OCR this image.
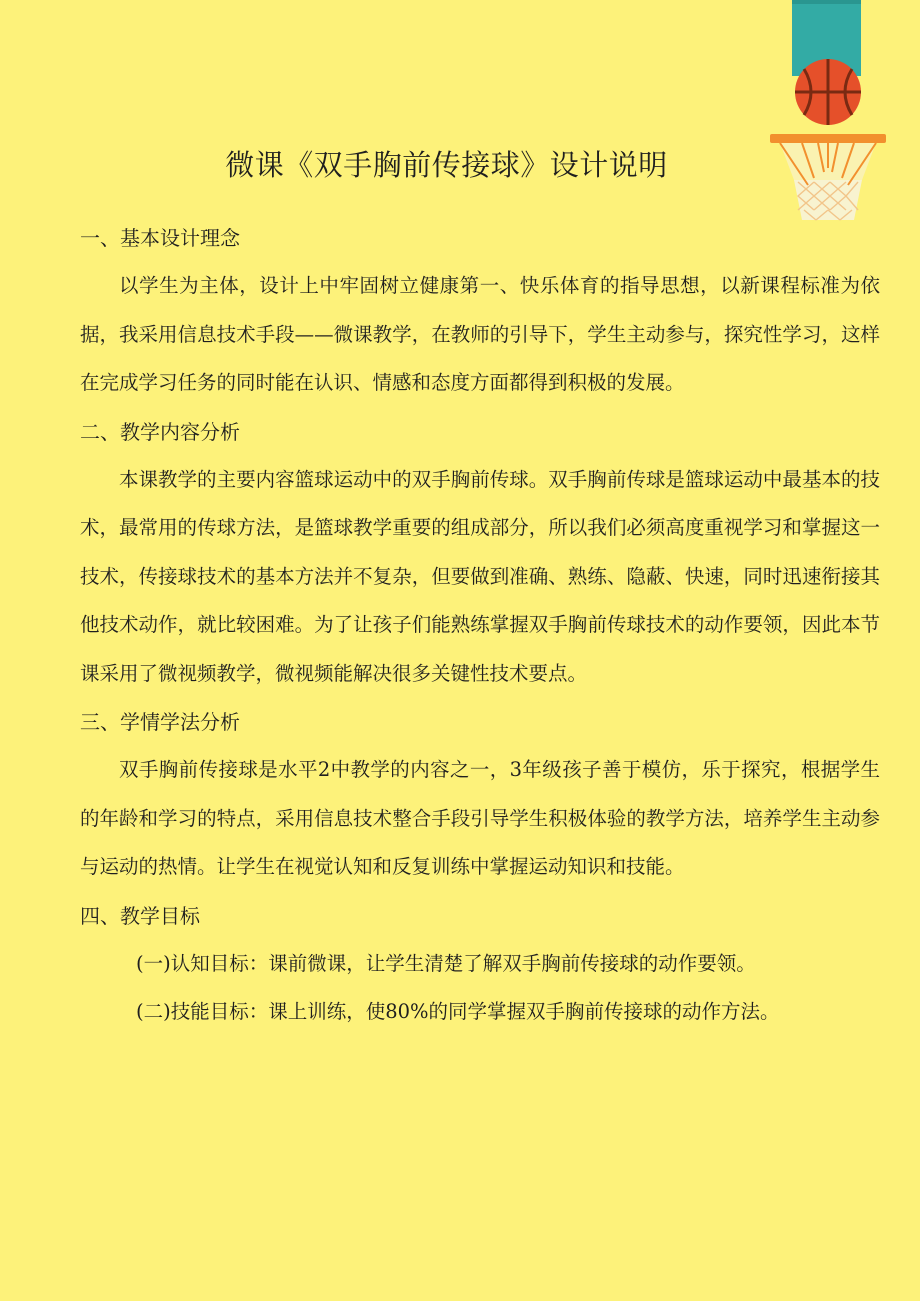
微课《双手胸前传接球》设计说明
一、基本设计理念

以学生为主体，设计上中牢固树立健康第一、快乐体育的指导思想，以新课程标准为依据，我采用信息技术手段——微课教学，在教师的引导下，学生主动参与，探究性学习，这样在完成学习任务的同时能在认识、情感和态度方面都得到积极的发展。

二、教学内容分析

本课教学的主要内容篮球运动中的双手胸前传球。双手胸前传球是篮球运动中最基本的技术，最常用的传球方法，是篮球教学重要的组成部分，所以我们必须高度重视学习和掌握这一技术，传接球技术的基本方法并不复杂，但要做到准确、熟练、隐蔽、快速，同时迅速衔接其他技术动作，就比较困难。为了让孩子们能熟练掌握双手胸前传球技术的动作要领，因此本节课采用了微视频教学，微视频能解决很多关键性技术要点。

三、学情学法分析

双手胸前传接球是水平2中教学的内容之一，3年级孩子善于模仿，乐于探究，根据学生的年龄和学习的特点，采用信息技术整合手段引导学生积极体验的教学方法，培养学生主动参与运动的热情。让学生在视觉认知和反复训练中掌握运动知识和技能。

四、教学目标

(一)认知目标：课前微课，让学生清楚了解双手胸前传接球的动作要领。

(二)技能目标：课上训练，使80%的同学掌握双手胸前传接球的动作方法。
